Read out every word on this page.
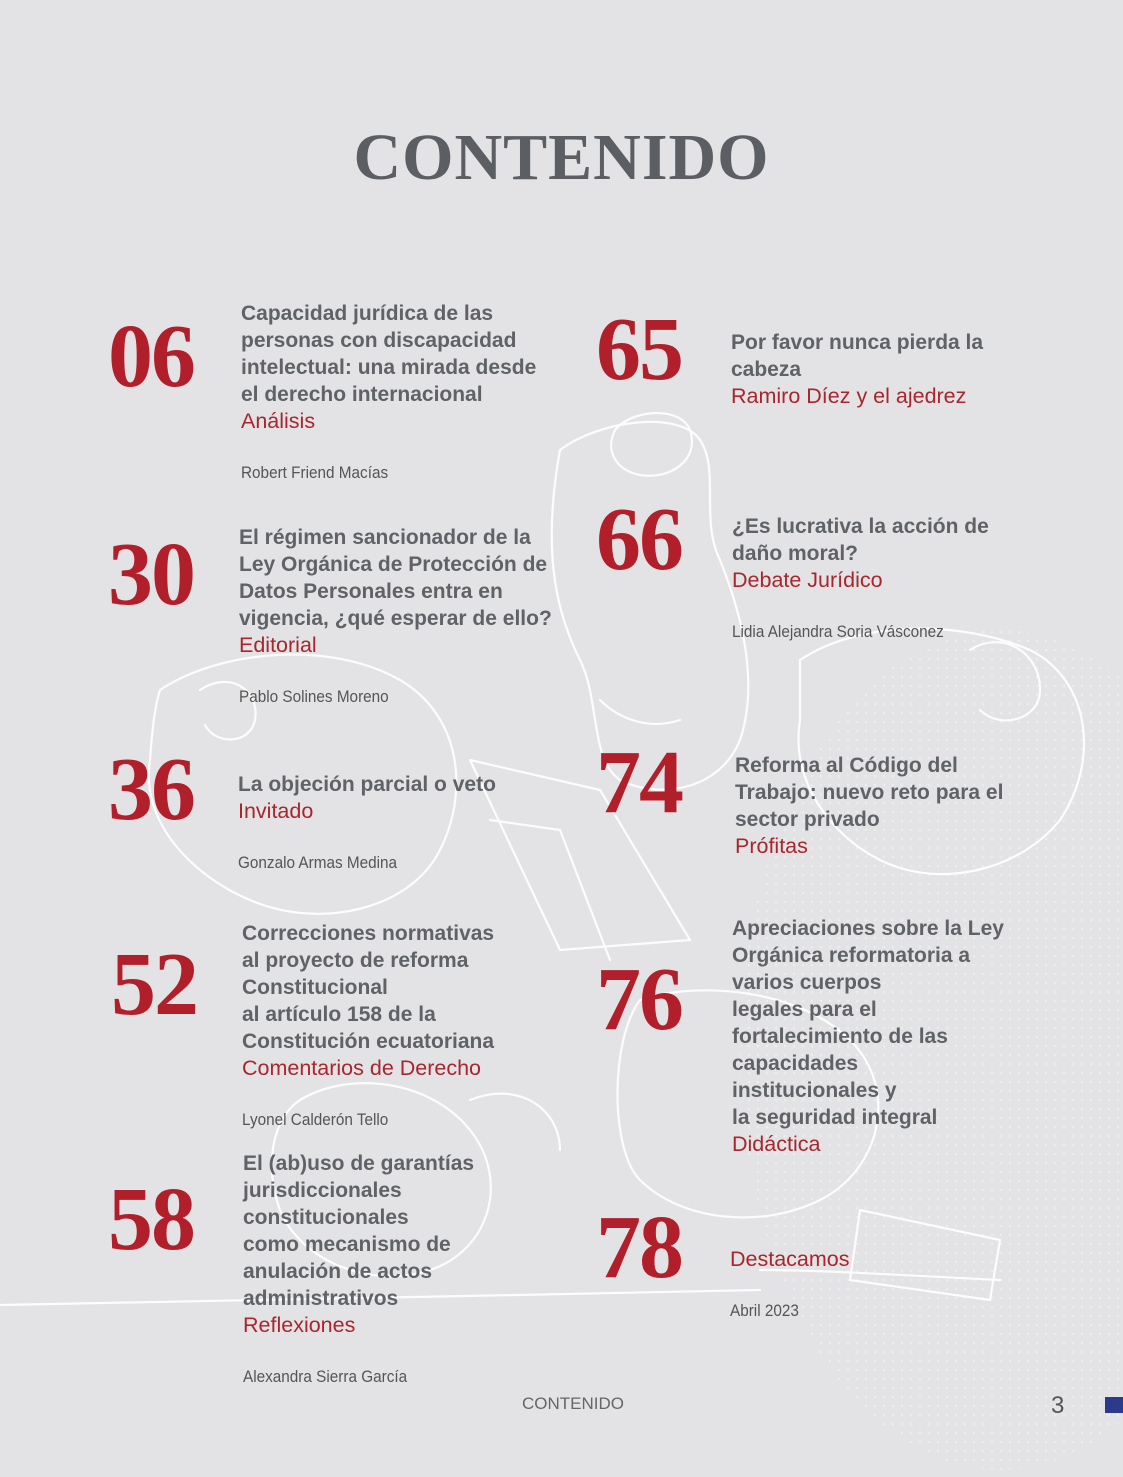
CONTENIDO
06 Capacidad jurídica de las
personas con discapacidad
intelectual: una mirada desde
el derecho internacional

Análisis

Robert Friend Macías

30 El régimen sancionador de la
Ley Orgánica de Protección de
Datos Personales entra en
vigencia, ¿qué esperar de ello?

Editorial

Pablo Solines Moreno

36 La objeción parcial o veto

Invitado

Gonzalo Armas Medina

52

Correcciones normativas
al proyecto de reforma
Constitucional
al artículo 158 de la
Constitución ecuatoriana

Comentarios de Derecho

Lyonel Calderón Tello

58

El (ab)uso de garantías
jurisdiccionales
constitucionales
como mecanismo de
anulación de actos
administrativos

Reflexiones

Alexandra Sierra García

65 Por favor nunca pierda la
cabeza

Ramiro Díez y el ajedrez

66 ¿Es lucrativa la acción de
daño moral?

Debate Jurídico

Lidia Alejandra Soria Vásconez

74	Reforma al Código del
Trabajo: nuevo reto para el
sector privado

Prófitas

76

Apreciaciones sobre la Ley
Orgánica reformatoria a
varios cuerpos
legales para el
fortalecimiento de las
capacidades
institucionales y
la seguridad integral

Didáctica

78 Destacamos

Abril 2023

CONTENIDO	3
